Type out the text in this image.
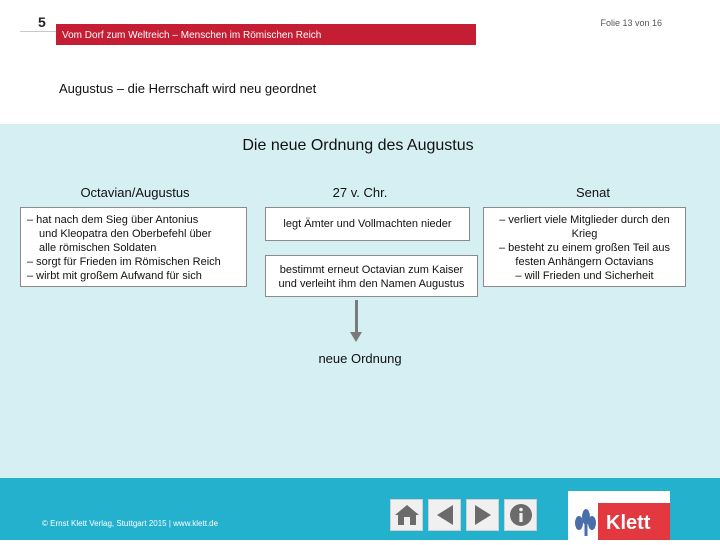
5	Folie 13 von 16
Vom Dorf zum Weltreich – Menschen im Römischen Reich
Augustus – die Herrschaft wird neu geordnet
Die neue Ordnung des Augustus
Octavian/Augustus	27 v. Chr.	Senat
– hat nach dem Sieg über Antonius
und Kleopatra den Oberbefehl über
alle römischen Soldaten
– sorgt für Frieden im Römischen Reich
– wirbt mit großem Aufwand für sich
legt Ämter und Vollmachten nieder
bestimmt erneut Octavian zum Kaiser
und verleiht ihm den Namen Augustus
– verliert viele Mitglieder durch den
Krieg
– besteht zu einem großen Teil aus
festen Anhängern Octavians
– will Frieden und Sicherheit
neue Ordnung
© Ernst Klett Verlag, Stuttgart 2015 | www.klett.de	Klett
